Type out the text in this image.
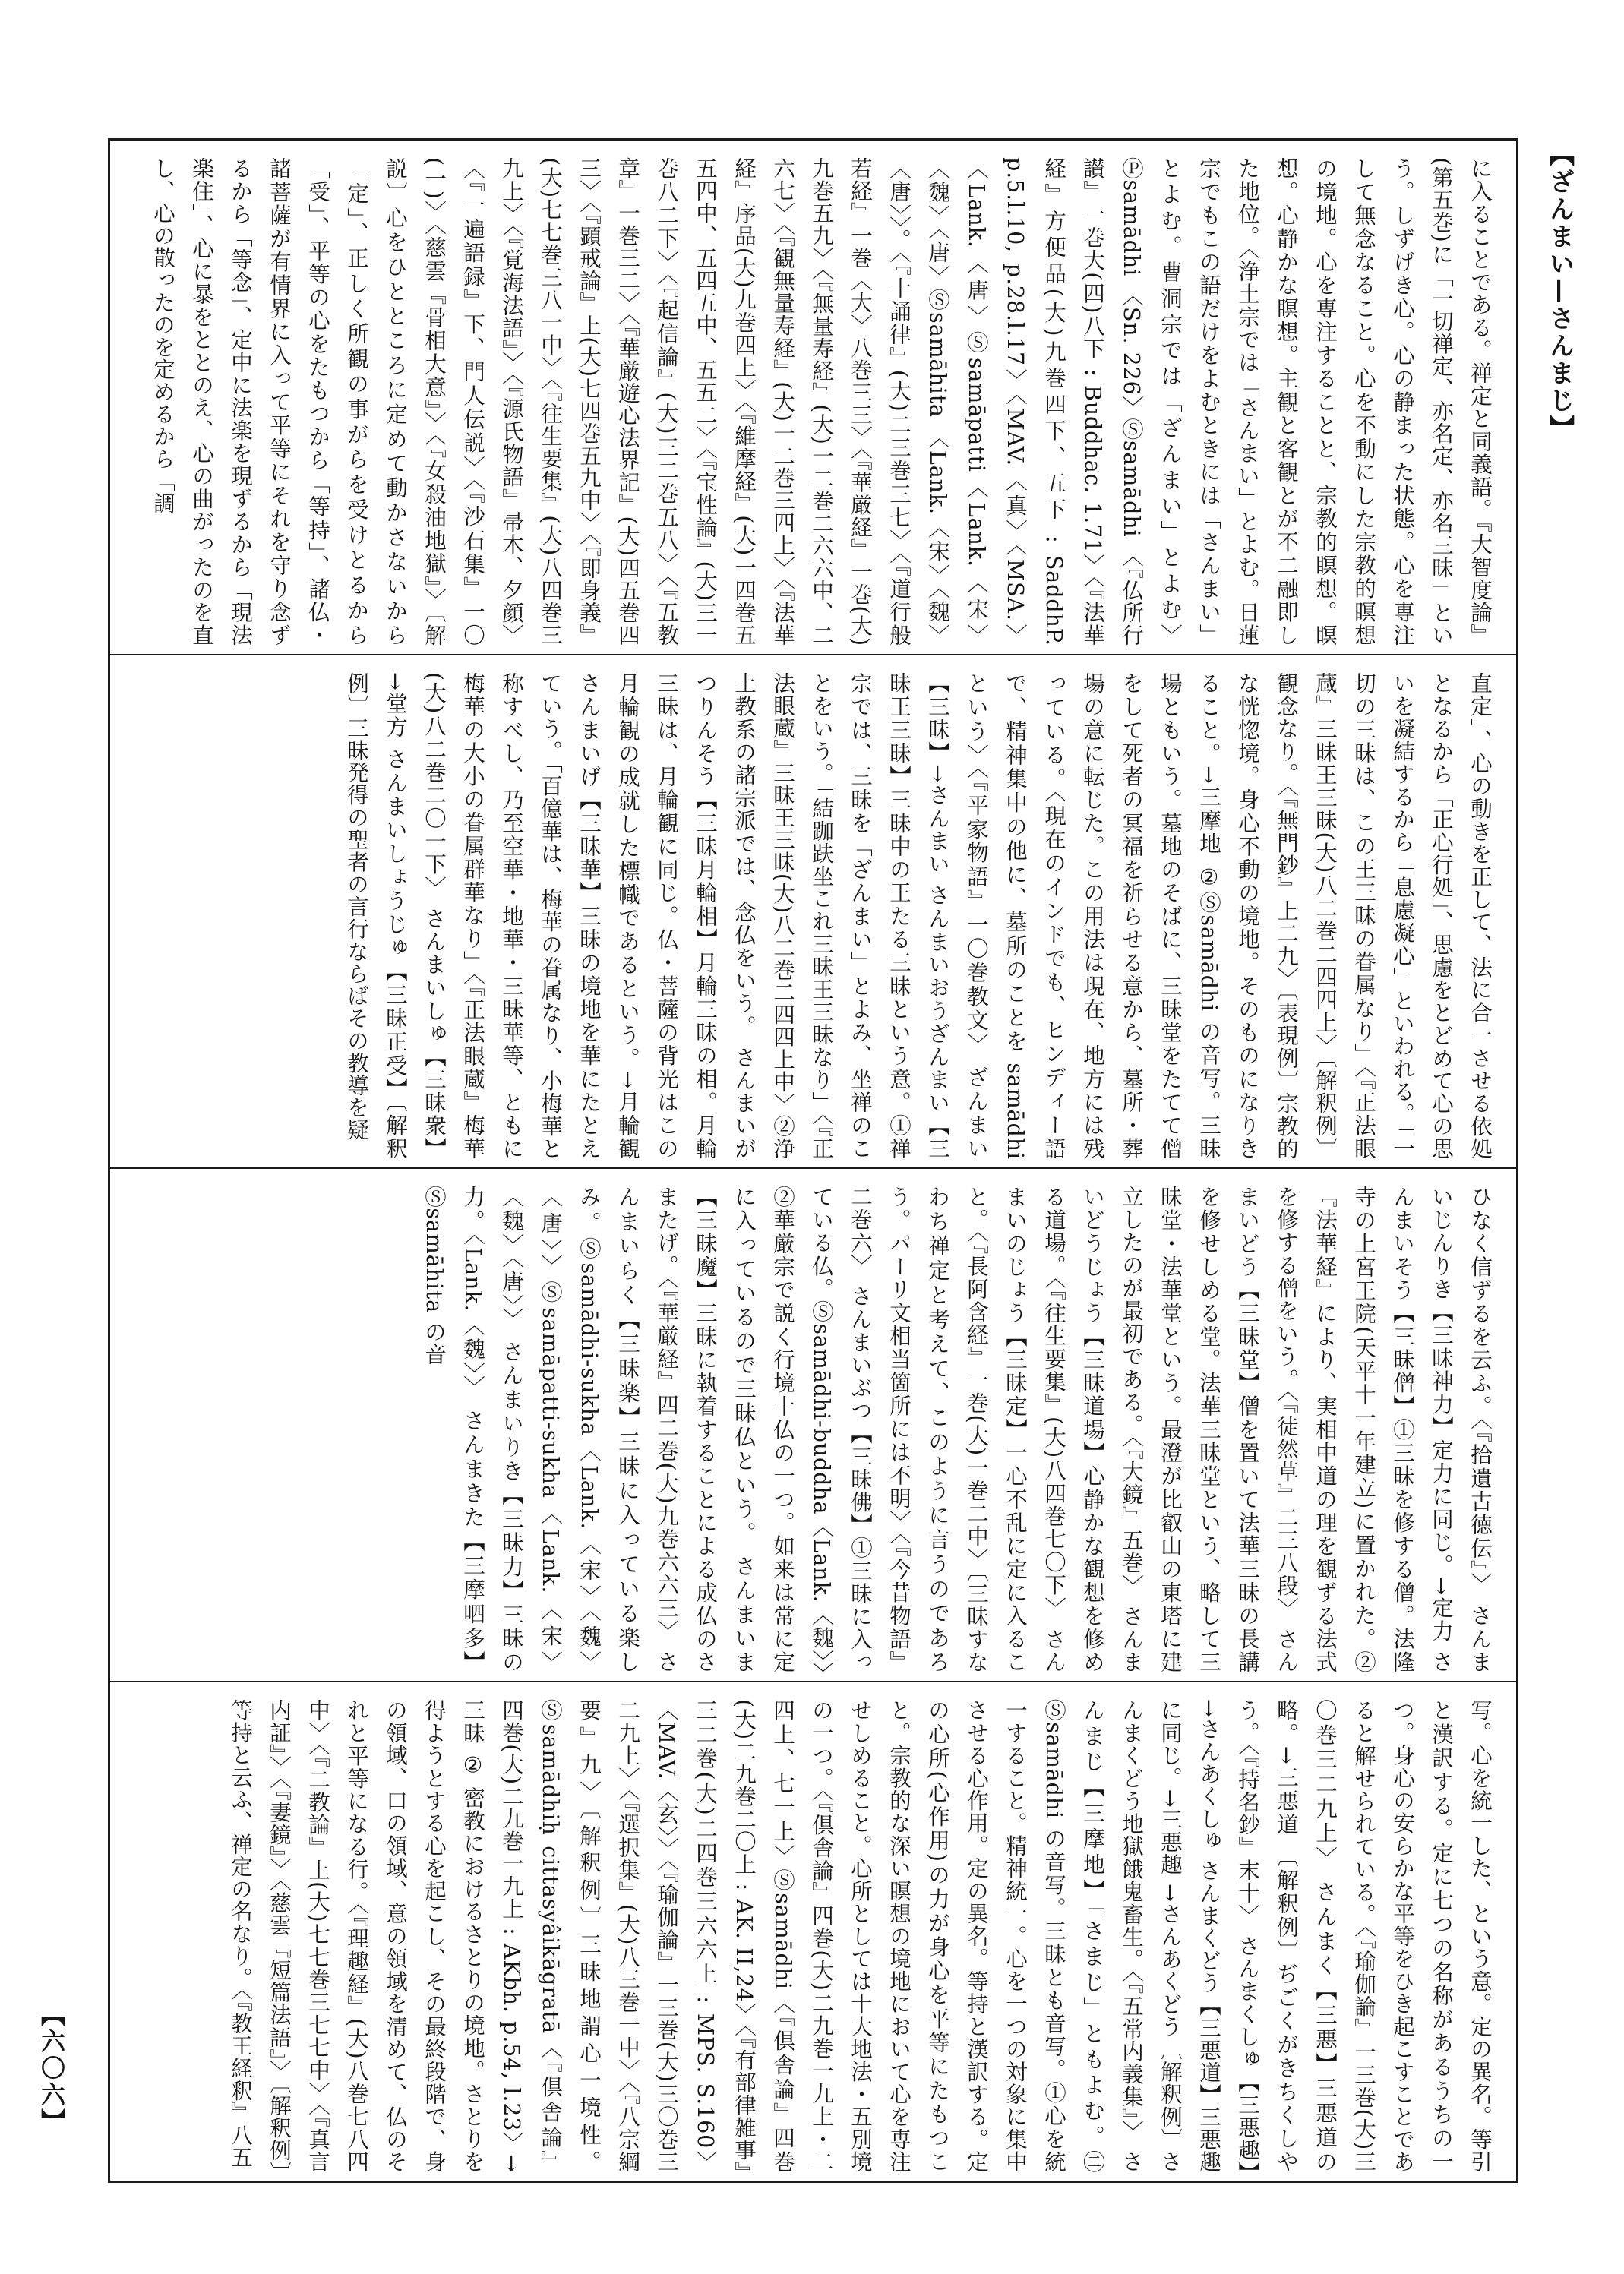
【ざんまい—さんまじ】

に入ることである。禅定と同義語。『大智度論』(第五巻)に「一切禅定、亦名定、亦名三昧」という。しずげき心。心の静まった状態。心を専注して無念なること。心を不動にした宗教的瞑想の境地。心を専注することと、宗教的瞑想。瞑想。心静かな瞑想。主観と客観とが不二融即した地位。〈浄土宗では「さんまい」とよむ。日蓮宗でもこの語だけをよむときには「さんまい」とよむ。曹洞宗では「ざんまい」とよむ〉 Ⓟsamādhi 〈Sn. 226〉Ⓢsamādhi 〈『仏所行讃』一巻大(四)八下 : Buddhac. 1.71〉〈『法華経』方便品(大)九巻四下、五下 : SaddhP. p.5.l.10, p.28.l.17〉〈MAV.〈真〉〈MSA.〉〈Lank.〈唐〉Ⓢsamāpatti〈Lank.〈宋〉〈魏〉〈唐〉Ⓢsamāhita 〈Lank.〈宋〉〈魏〉〈唐〉〉。〈『十誦律』(大)二三巻三七〉〈『道行般若経』一巻〈大〉八巻三三〉〈『華厳経』一巻(大)九巻五九〉〈『無量寿経』(大)一二巻二六六中、二六七〉〈『観無量寿経』(大)一二巻三四上〉〈『法華経』序品(大)九巻四上〉〈『維摩経』(大)一四巻五五四中、五四五中、五五二〉〈『宝性論』(大)三一巻八二下〉〈『起信論』(大)三二巻五八〉〈『五教章』一巻三二〉〈『華厳遊心法界記』(大)四五巻四三〉〈『顕戒論』上(大)七四巻五九中〉〈『即身義』(大)七七巻三八一中〉〈『往生要集』(大)八四巻三九上〉〈『覚海法語』〉〈『源氏物語』帚木、夕顔〉〈『一遍語録』下、門人伝説〉〈『沙石集』一〇(一)〉〈慈雲『骨相大意』〉〈『女殺油地獄』〉〔解説〕心をひとところに定めて動かさないから「定」、正しく所観の事がらを受けとるから「受」、平等の心をたもつから「等持」、諸仏・諸菩薩が有情界に入って平等にそれを守り念ずるから「等念」、定中に法楽を現ずるから「現法楽住」、心に暴をととのえ、心の曲がったのを直し、心の散ったのを定めるから「調

直定」、心の動きを正して、法に合一させる依処となるから「正心行処」、思慮をとどめて心の思いを凝結するから「息慮凝心」といわれる。「一切の三昧は、この王三昧の眷属なり」〈『正法眼蔵』三昧王三昧(大)八二巻二四四上〉〔解釈例〕観念なり。〈『無門鈔』上二九〉〔表現例〕宗教的な恍惚境。身心不動の境地。そのものになりきること。→三摩地 ②Ⓢsamādhi の音写。三昧場ともいう。墓地のそばに、三昧堂をたてて僧をして死者の冥福を祈らせる意から、墓所・葬場の意に転じた。この用法は現在、地方には残っている。〈現在のインドでも、ヒンディー語で、精神集中の他に、墓所のことを samādhi という〉〈『平家物語』一〇巻教文〉 ざんまい【三昧】→さんまい さんまいおうざんまい【三昧王三昧】三昧中の王たる三昧という意。①禅宗では、三昧を「ざんまい」とよみ、坐禅のことをいう。「結跏趺坐これ三昧王三昧なり」〈『正法眼蔵』三昧王三昧(大)八二巻二四四上中〉②浄土教系の諸宗派では、念仏をいう。 さんまいがつりんそう【三昧月輪相】月輪三昧の相。月輪三昧は、月輪観に同じ。仏・菩薩の背光はこの月輪観の成就した標幟であるという。→月輪観 さんまいげ【三昧華】三昧の境地を華にたとえていう。「百億華は、梅華の眷属なり、小梅華と称すべし、乃至空華・地華・三昧華等、ともに梅華の大小の眷属群華なり」〈『正法眼蔵』梅華(大)八二巻二〇一下〉 さんまいしゅ【三昧衆】→堂方 さんまいしょうじゅ【三昧正受】〔解釈例〕三昧発得の聖者の言行ならばその教導を疑

ひなく信ずるを云ふ。〈『拾遺古徳伝』〉 さんまいじんりき【三昧神力】定力に同じ。→定力 さんまいそう【三昧僧】①三昧を修する僧。法隆寺の上宮王院(天平十一年建立)に置かれた。②『法華経』により、実相中道の理を観ずる法式を修する僧をいう。〈『徒然草』二三八段〉 さんまいどう【三昧堂】僧を置いて法華三昧の長講を修せしめる堂。法華三昧堂という、略して三昧堂・法華堂という。最澄が比叡山の東塔に建立したのが最初である。〈『大鏡』五巻〉 さんまいどうじょう【三昧道場】心静かな観想を修める道場。〈『往生要集』(大)八四巻七〇下〉 さんまいのじょう【三昧定】一心不乱に定に入ること。〈『長阿含経』一巻(大)一巻二中〉〔三昧すなわち禅定と考えて、このように言うのであろう。パーリ文相当箇所には不明〉〈『今昔物語』二巻六〉 さんまいぶつ【三昧佛】①三昧に入っている仏。Ⓢsamādhi-buddha〈Lank.〈魏〉〉②華厳宗で説く行境十仏の一つ。如来は常に定に入っているので三昧仏という。 さんまいま【三昧魔】三昧に執着することによる成仏のさまたげ。〈『華厳経』四二巻(大)九巻六六三〉 さんまいらく【三昧楽】三昧に入っている楽しみ。Ⓢsamādhi-sukha〈Lank.〈宋〉〈魏〉〈唐〉〉Ⓢsamāpatti-sukha〈Lank.〈宋〉〈魏〉〈唐〉〉 さんまいりき【三昧力】三昧の力。〈Lank.〈魏〉〉 さんまきた【三摩呬多】Ⓢsamāhita の音

写。心を統一した、という意。定の異名。等引と漢訳する。定に七つの名称があるうちの一つ。身心の安らかな平等をひき起こすことであると解せられている。〈『瑜伽論』一三巻(大)三〇巻三二九上〉 さんまく【三悪】三悪道の略。→三悪道 〔解釈例〕ぢごくがきちくしやう。〈『持名鈔』末十〉 さんまくしゅ【三悪趣】→さんあくしゅ さんまくどう【三悪道】三悪趣に同じ。→三悪趣 →さんあくどう〔解釈例〕さんまくどう地獄餓鬼畜生。〈『五常内義集』〉 さんまじ【三摩地】「さまじ」ともよむ。㊁Ⓢsamādhi の音写。三昧とも音写。①心を統一すること。精神統一。心を一つの対象に集中させる心作用。定の異名。等持と漢訳する。定の心所(心作用)の力が身心を平等にたもつこと。宗教的な深い瞑想の境地において心を専注せしめること。心所としては十大地法・五別境の一つ。〈『倶舎論』四巻(大)二九巻一九上・二四上、七一上〉Ⓢsamādhi〈『倶舎論』四巻(大)二九巻二〇上 : AK. II,24〉〈『有部律雑事』三二巻(大)二四巻三六六上 : MPS. S.160〉〈MAV.〈玄〉〉〈『瑜伽論』一三巻(大)三〇巻三二九上〉〈『選択集』(大)八三巻一中〉〈『八宗綱要』九〉〔解釈例〕三昧地謂心一境性。Ⓢsamādhiḥ cittasyâikāgratā〈『倶舎論』四巻(大)二九巻一九上 : AKbh. p.54, l.23〉→三昧 ② 密教におけるさとりの境地。さとりを得ようとする心を起こし、その最終段階で、身の領域、口の領域、意の領域を清めて、仏のそれと平等になる行。〈『理趣経』(大)八巻七八四中〉〈『二教論』上(大)七七巻三七七中〉〈『真言内証』〉〈『妻鏡』〉〈慈雲『短篇法語』〉〔解釈例〕等持と云ふ、禅定の名なり。〈『教王経釈』八五

【六〇六】
